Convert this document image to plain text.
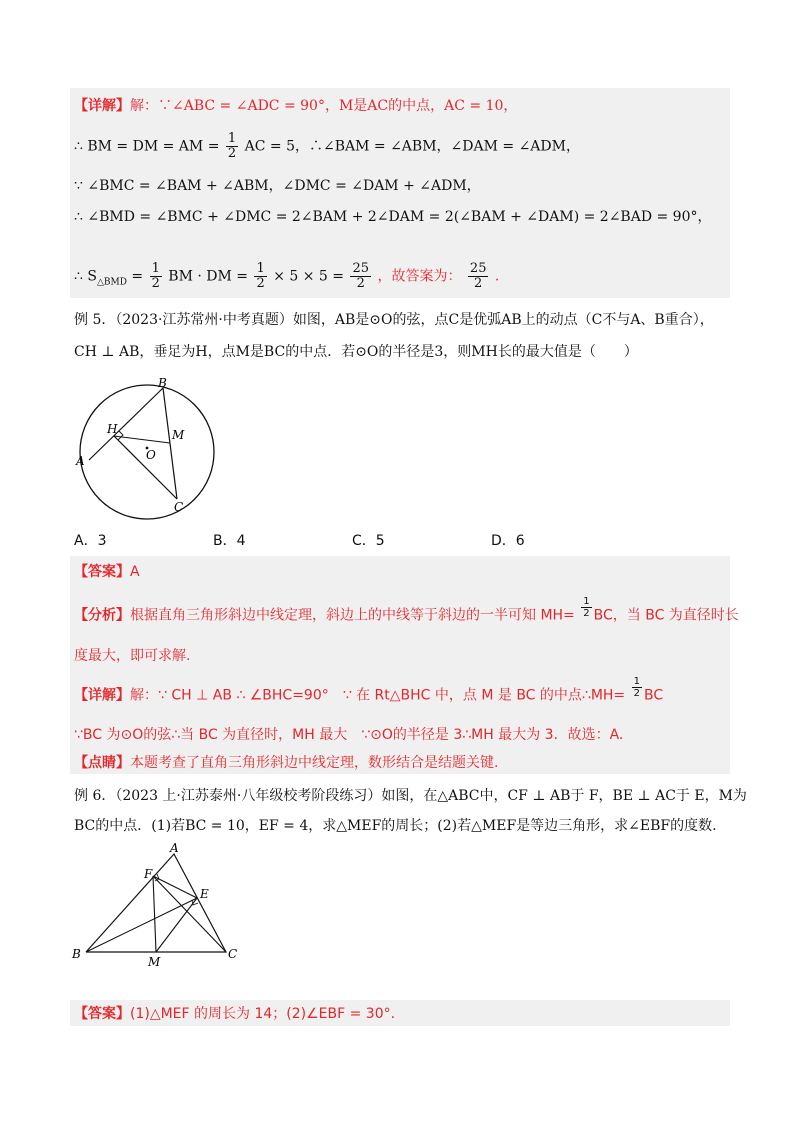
【详解】解：∵∠ABC = ∠ADC = 90°，M是AC的中点，AC = 10，
∴ BM = DM = AM = $\frac{1}{2}$ AC = 5，∴∠BAM = ∠ABM，∠DAM = ∠ADM，
∵ ∠BMC = ∠BAM + ∠ABM，∠DMC = ∠DAM + ∠ADM，
∴ ∠BMD = ∠BMC + ∠DMC = 2∠BAM + 2∠DAM = 2(∠BAM + ∠DAM) = 2∠BAD = 90°，
∴ $S_{\triangle BMD} = \frac{1}{2}$ BM · DM = $\frac{1}{2} \times 5 \times 5 = \frac{25}{2}$ ，故答案为： $\frac{25}{2}$ .
例 5．（2023·江苏常州·中考真题）如图，AB是⊙O的弦，点C是优弧AB上的动点（C不与A、B重合），
CH ⊥ AB，垂足为H，点M是BC的中点．若⊙O的半径是3，则MH长的最大值是（　　）
B
H	M
O
A
C
A．3	B．4	C．5	D．6
【答案】A
【分析】根据直角三角形斜边中线定理，斜边上的中线等于斜边的一半可知 $MH= \frac{1}{2}$ BC，当 BC 为直径时长
度最大，即可求解.
【详解】解：∵ CH ⊥ AB ∴ ∠BHC=90°　∵ 在 Rt△BHC 中，点 M 是 BC 的中点∴MH= $\frac{1}{2}$ BC
∵BC 为⊙O的弦∴当 BC 为直径时，MH 最大　∵⊙O的半径是 3∴MH 最大为 3．故选：A.
【点睛】本题考查了直角三角形斜边中线定理，数形结合是结题关键.
例 6．（2023 上·江苏泰州·八年级校考阶段练习）如图，在△ABC中，CF ⊥ AB于 F，BE ⊥ AC于 E，M为
BC的中点．(1)若BC = 10，EF = 4，求△MEF的周长；(2)若△MEF是等边三角形，求∠EBF的度数.
A
F
E
B
M
C
【答案】(1)△MEF 的周长为 14；(2)∠EBF = 30°.
